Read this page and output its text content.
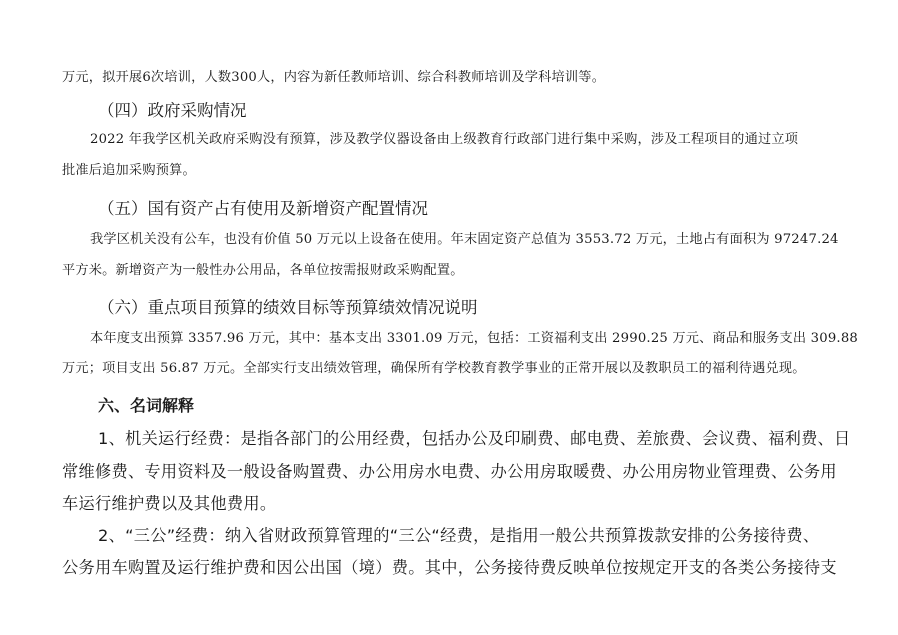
万元，拟开展6次培训，人数300人，内容为新任教师培训、综合科教师培训及学科培训等。
（四）政府采购情况
2022 年我学区机关政府采购没有预算，涉及教学仪器设备由上级教育行政部门进行集中采购，涉及工程项目的通过立项
批准后追加采购预算。
（五）国有资产占有使用及新增资产配置情况
我学区机关没有公车，也没有价值 50 万元以上设备在使用。年末固定资产总值为 3553.72 万元，土地占有面积为 97247.24
平方米。新增资产为一般性办公用品，各单位按需报财政采购配置。
（六）重点项目预算的绩效目标等预算绩效情况说明
本年度支出预算 3357.96 万元，其中：基本支出 3301.09 万元，包括：工资福利支出 2990.25 万元、商品和服务支出 309.88
万元；项目支出 56.87 万元。全部实行支出绩效管理，确保所有学校教育教学事业的正常开展以及教职员工的福利待遇兑现。
六、名词解释
1、机关运行经费：是指各部门的公用经费，包括办公及印刷费、邮电费、差旅费、会议费、福利费、日
常维修费、专用资料及一般设备购置费、办公用房水电费、办公用房取暖费、办公用房物业管理费、公务用
车运行维护费以及其他费用。
2、“三公”经费：纳入省财政预算管理的“三公“经费，是指用一般公共预算拨款安排的公务接待费、
公务用车购置及运行维护费和因公出国（境）费。其中，公务接待费反映单位按规定开支的各类公务接待支
